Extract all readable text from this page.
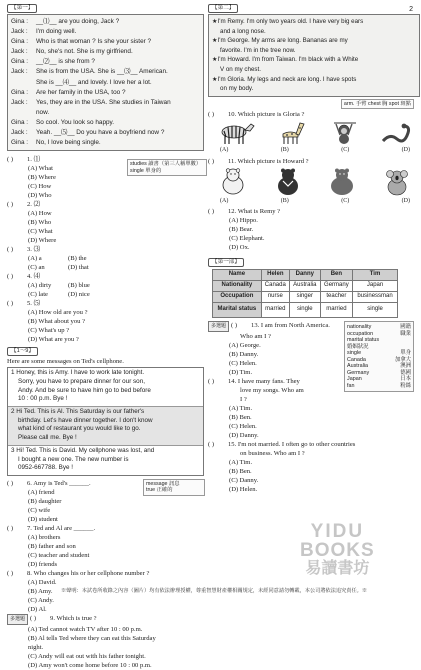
2
【第一】
Gina :	__⑴__ are you doing, Jack ?
Jack :	I'm doing well.
Gina :	Who is that woman ? Is she your sister ?
Jack :	No, she's not. She is my girlfriend.
Gina :	__⑵__ is she from ?
Jack :	She is from the USA. She is __⑶__ American.
She is __⑷__ and lovely. I love her a lot.
Gina :	Are her family in the USA, too ?
Jack :	Yes, they are in the USA. She studies in Taiwan
now.
Gina :	So cool. You look so happy.
Jack :	Yeah. __⑸__ Do you have a boyfriend now ?
Gina :	No, I love being single.
( )	1. ⑴
(A) What
(B) Where
(C) How
(D) Who
( )	2. ⑵
(A) How
(B) Who
(C) What
(D) Where
( )	3. ⑶
(A) a	(B) the
(C) an	(D) that
( )	4. ⑷
(A) dirty	(B) blue
(C) late	(D) nice
( )	5. ⑸
(A) How old are you ?
(B) What about you ?
(C) What's up ?
(D) What are you ?
studies 讀書（第三人稱單數）
single 單身的
【1～9】
Here are some messages on Ted's cellphone.
1 Honey, this is Amy. I have to work late tonight.
Sorry, you have to prepare dinner for our son,
Andy. And be sure to have him go to bed before
10 : 00 p.m. Bye !
2 Hi Ted. This is Al. This Saturday is our father's
birthday. Let's have dinner together. I don't know
what kind of restaurant you would like to go.
Please call me. Bye !
3 Hi! Ted. This is David. My cellphone was lost, and
I bought a new one. The new number is
0952-667788. Bye !
message 訊息
true 正確的
( )	6. Amy is Ted's ______.
(A) friend
(B) daughter
(C) wife
(D) student
( )	7. Ted and Al are ______.
(A) brothers
(B) father and son
(C) teacher and student
(D) friends
( )	8. Who changes his or her cellphone number ?
(A) David.
(B) Amy.
(C) Andy.
(D) Al.
多選題 ( )	9. Which is true ?
(A) Ted cannot watch TV after 10 : 00 p.m.
(B) Al tells Ted where they can eat this Saturday
night.
(C) Andy will eat out with his father tonight.
(D) Amy won't come home before 10 : 00 p.m.
【第二】
★I'm Remy. I'm only two years old. I have very big ears
and a long nose.
★I'm George. My arms are long. Bananas are my
favorite. I'm in the tree now.
★I'm Howard. I'm from Taiwan. I'm black with a White
V on my chest.
★I'm Gloria. My legs and neck are long. I have spots
on my body.
arm. 手臂 chest 胸 spot 斑點
( )	10. Which picture is Gloria ?
(A)	(B)	(C)	(D)
( )	11. Which picture is Howard ?
(A)	(B)	(C)	(D)
( )	12. What is Remy ?
(A) Hippo.
(B) Bear.
(C) Elephant.
(D) Ox.
【第一部】
Name	Helen	Danny	Ben	Tim
Nationality	Canada	Australia	Germany	Japan
Occupation	nurse	singer	teacher	businessman
Marital status	married	single	married	single
多選題 ( )	13. I am from North America.
Who am I ?
(A) George.
(B) Danny.
(C) Helen.
(D) Tim.
( )	14. I have many fans. They
love my songs. Who am
I ?
(A) Tim.
(B) Ben.
(C) Helen.
(D) Danny.
( )	15. I'm not married. I often go to other countries
on business. Who am I ?
(A) Tim.
(B) Ben.
(C) Danny.
(D) Helen.
nationality	國籍
occupation	職業
marital status
婚姻狀況
single	單身
Canada	加拿大
Australia	澳洲
Germany	德國
Japan	日本
fan	粉絲
YIDU
BOOKS
易讀書坊
※聲明：本試卷所收錄之內容（圖片）均有依法辦理授權，尊重智慧財產權相關規定，未經同意請勿轉載，本公司將依法追究責任。※
